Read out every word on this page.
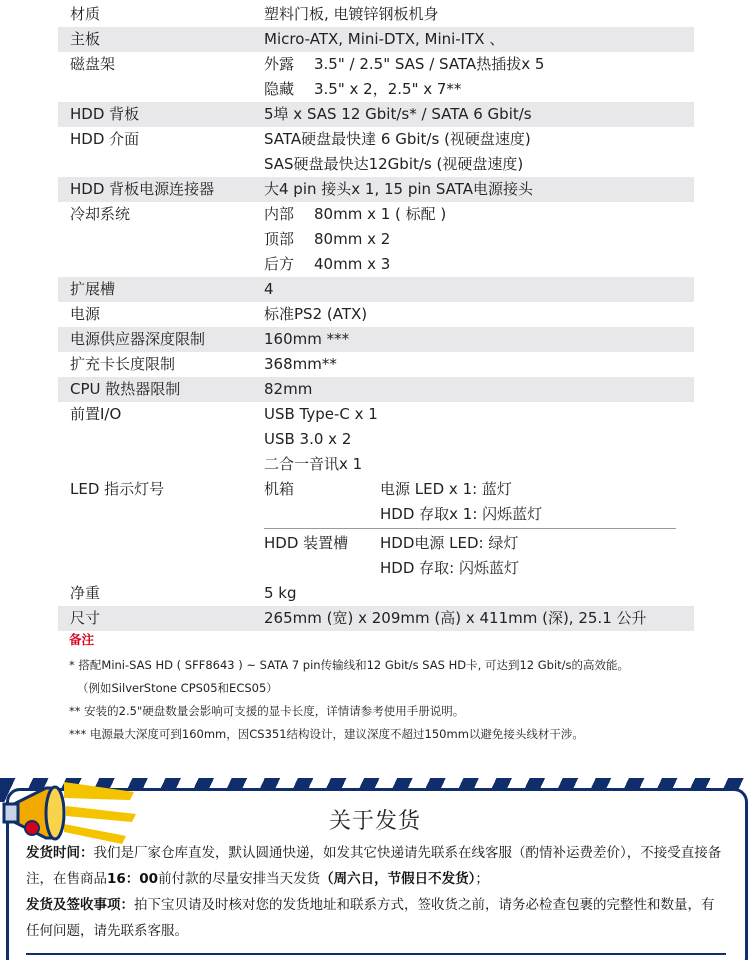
材质	塑料门板, 电镀锌钢板机身
主板	Micro-ATX, Mini-DTX, Mini-ITX 、
磁盘架	外露 3.5" / 2.5" SAS / SATA热插拔x 5
隐藏 3.5" x 2，2.5" x 7**
HDD 背板	5埠 x SAS 12 Gbit/s* / SATA 6 Gbit/s
HDD 介面	SATA硬盘最快達 6 Gbit/s (视硬盘速度)
SAS硬盘最快达12Gbit/s (视硬盘速度)
HDD 背板电源连接器	大4 pin 接头x 1, 15 pin SATA电源接头
冷却系统	内部 80mm x 1 ( 标配 )
顶部 80mm x 2
后方 40mm x 3
扩展槽	4
电源	标准PS2 (ATX)
电源供应器深度限制	160mm ***
扩充卡长度限制	368mm**
CPU 散热器限制	82mm
前置I/O	USB Type-C x 1
USB 3.0 x 2
二合一音讯x 1
LED 指示灯号	机箱	电源 LED x 1: 蓝灯
HDD 存取x 1: 闪烁蓝灯
HDD 装置槽	HDD电源 LED: 绿灯
HDD 存取: 闪烁蓝灯
净重	5 kg
尺寸	265mm (宽) x 209mm (高) x 411mm (深), 25.1 公升
备注
* 搭配Mini-SAS HD ( SFF8643 ) ~ SATA 7 pin传输线和12 Gbit/s SAS HD卡, 可达到12 Gbit/s的高效能。
（例如SilverStone CPS05和ECS05）
** 安装的2.5"硬盘数量会影响可支援的显卡长度，详情请参考使用手册说明。
*** 电源最大深度可到160mm，因CS351结构设计，建议深度不超过150mm以避免接头线材干涉。
关于发货
发货时间：我们是厂家仓库直发，默认圆通快递，如发其它快递请先联系在线客服（酌情补运费差价），不接受直接备注，在售商品16：00前付款的尽量安排当天发货（周六日，节假日不发货）；
发货及签收事项：拍下宝贝请及时核对您的发货地址和联系方式，签收货之前，请务必检查包裹的完整性和数量，有任何问题，请先联系客服。
